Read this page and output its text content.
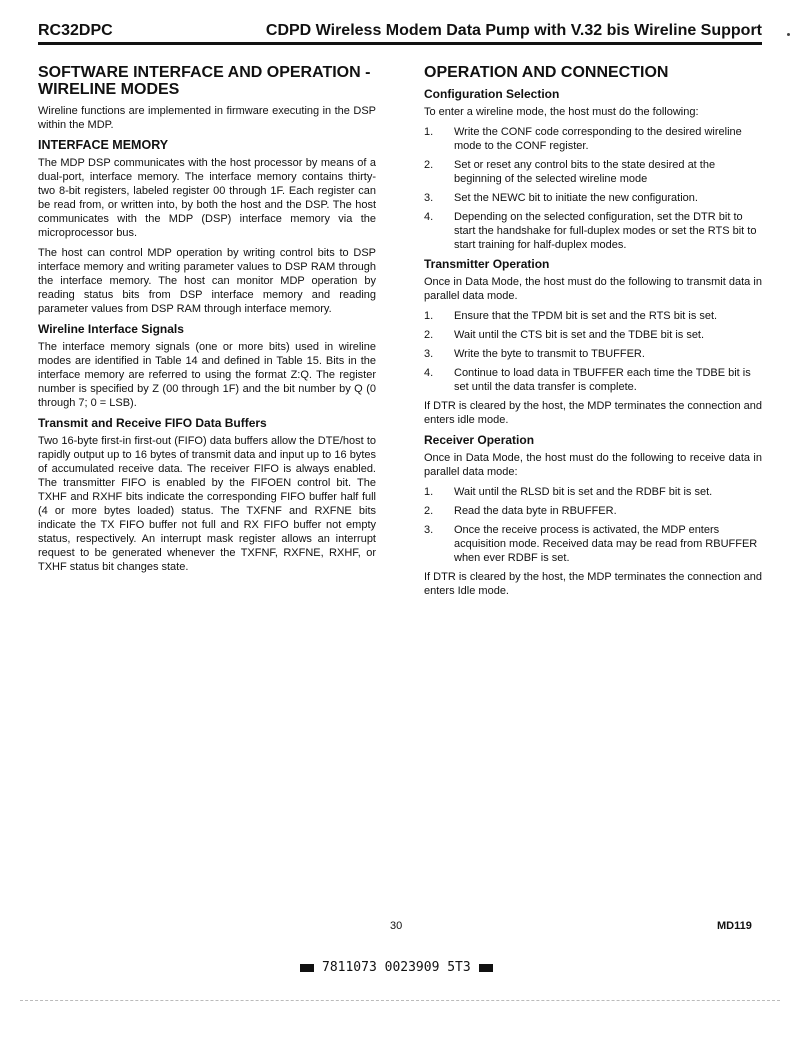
RC32DPC	CDPD Wireless Modem Data Pump with V.32 bis Wireline Support
SOFTWARE INTERFACE AND OPERATION - WIRELINE MODES

Wireline functions are implemented in firmware executing in the DSP within the MDP.

INTERFACE MEMORY

The MDP DSP communicates with the host processor by means of a dual-port, interface memory. The interface memory contains thirty-two 8-bit registers, labeled register 00 through 1F. Each register can be read from, or written into, by both the host and the DSP. The host communicates with the MDP (DSP) interface memory via the microprocessor bus.

The host can control MDP operation by writing control bits to DSP interface memory and writing parameter values to DSP RAM through the interface memory. The host can monitor MDP operation by reading status bits from DSP interface memory and reading parameter values from DSP RAM through interface memory.

Wireline Interface Signals

The interface memory signals (one or more bits) used in wireline modes are identified in Table 14 and defined in Table 15. Bits in the interface memory are referred to using the format Z:Q. The register number is specified by Z (00 through 1F) and the bit number by Q (0 through 7; 0 = LSB).

Transmit and Receive FIFO Data Buffers

Two 16-byte first-in first-out (FIFO) data buffers allow the DTE/host to rapidly output up to 16 bytes of transmit data and input up to 16 bytes of accumulated receive data. The receiver FIFO is always enabled. The transmitter FIFO is enabled by the FIFOEN control bit. The TXHF and RXHF bits indicate the corresponding FIFO buffer half full (4 or more bytes loaded) status. The TXFNF and RXFNE bits indicate the TX FIFO buffer not full and RX FIFO buffer not empty status, respectively. An interrupt mask register allows an interrupt request to be generated whenever the TXFNF, RXFNE, RXHF, or TXHF status bit changes state.

OPERATION AND CONNECTION
Configuration Selection

To enter a wireline mode, the host must do the following:

1.	Write the CONF code corresponding to the desired wireline mode to the CONF register.
2.	Set or reset any control bits to the state desired at the beginning of the selected wireline mode
3.	Set the NEWC bit to initiate the new configuration.
4.	Depending on the selected configuration, set the DTR bit to start the handshake for full-duplex modes or set the RTS bit to start training for half-duplex modes.
Transmitter Operation

Once in Data Mode, the host must do the following to transmit data in parallel data mode.

1.	Ensure that the TPDM bit is set and the RTS bit is set.
2.	Wait until the CTS bit is set and the TDBE bit is set.
3.	Write the byte to transmit to TBUFFER.
4.	Continue to load data in TBUFFER each time the TDBE bit is set until the data transfer is complete.

If DTR is cleared by the host, the MDP terminates the connection and enters idle mode.

Receiver Operation

Once in Data Mode, the host must do the following to receive data in parallel data mode:

1.	Wait until the RLSD bit is set and the RDBF bit is set.
2.	Read the data byte in RBUFFER.
3.	Once the receive process is activated, the MDP enters acquisition mode. Received data may be read from RBUFFER when ever RDBF is set.

If DTR is cleared by the host, the MDP terminates the connection and enters Idle mode.

30	MD119
7811073 0023909 5T3
